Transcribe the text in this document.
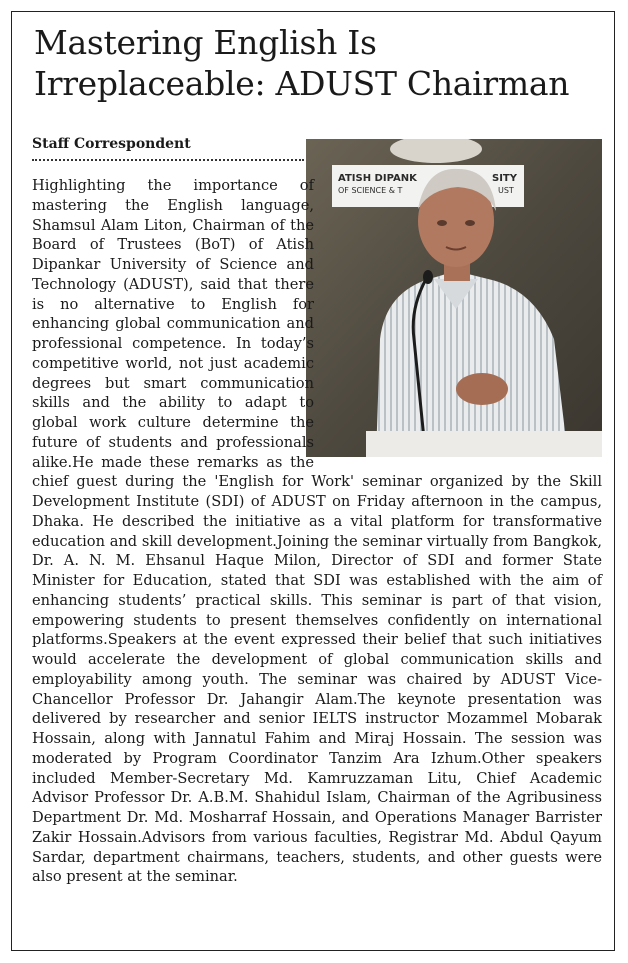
Mastering English Is Irreplaceable: ADUST Chairman
Staff Correspondent
ATISH DIPANK	SITY
OF SCIENCE & T	UST
Highlighting the importance of mastering the English language, Shamsul Alam Liton, Chairman of the Board of Trustees (BoT) of Atish Dipankar University of Science and Technology (ADUST), said that there is no alternative to English for enhancing global communication and professional competence. In today’s competitive world, not just academic degrees but smart communication skills and the ability to adapt to global work culture determine the future of students and professionals alike.He made these remarks as the chief guest during the 'English for Work' seminar organized by the Skill Development Institute (SDI) of ADUST on Friday afternoon in the campus, Dhaka. He described the initiative as a vital platform for transformative education and skill development.Joining the seminar virtually from Bangkok, Dr. A. N. M. Ehsanul Haque Milon, Director of SDI and former State Minister for Education, stated that SDI was established with the aim of enhancing students’ practical skills. This seminar is part of that vision, empowering students to present themselves confidently on international platforms.Speakers at the event expressed their belief that such initiatives would accelerate the development of global communication skills and employability among youth. The seminar was chaired by ADUST Vice-Chancellor Professor Dr. Jahangir Alam.The keynote presentation was delivered by researcher and senior IELTS instructor Mozammel Mobarak Hossain, along with Jannatul Fahim and Miraj Hossain. The session was moderated by Program Coordinator Tanzim Ara Izhum.Other speakers included Member-Secretary Md. Kamruzzaman Litu, Chief Academic Advisor Professor Dr. A.B.M. Shahidul Islam, Chairman of the Agribusiness Department Dr. Md. Mosharraf Hossain, and Operations Manager Barrister Zakir Hossain.Advisors from various faculties, Registrar Md. Abdul Qayum Sardar, department chairmans, teachers, students, and other guests were also present at the seminar.
